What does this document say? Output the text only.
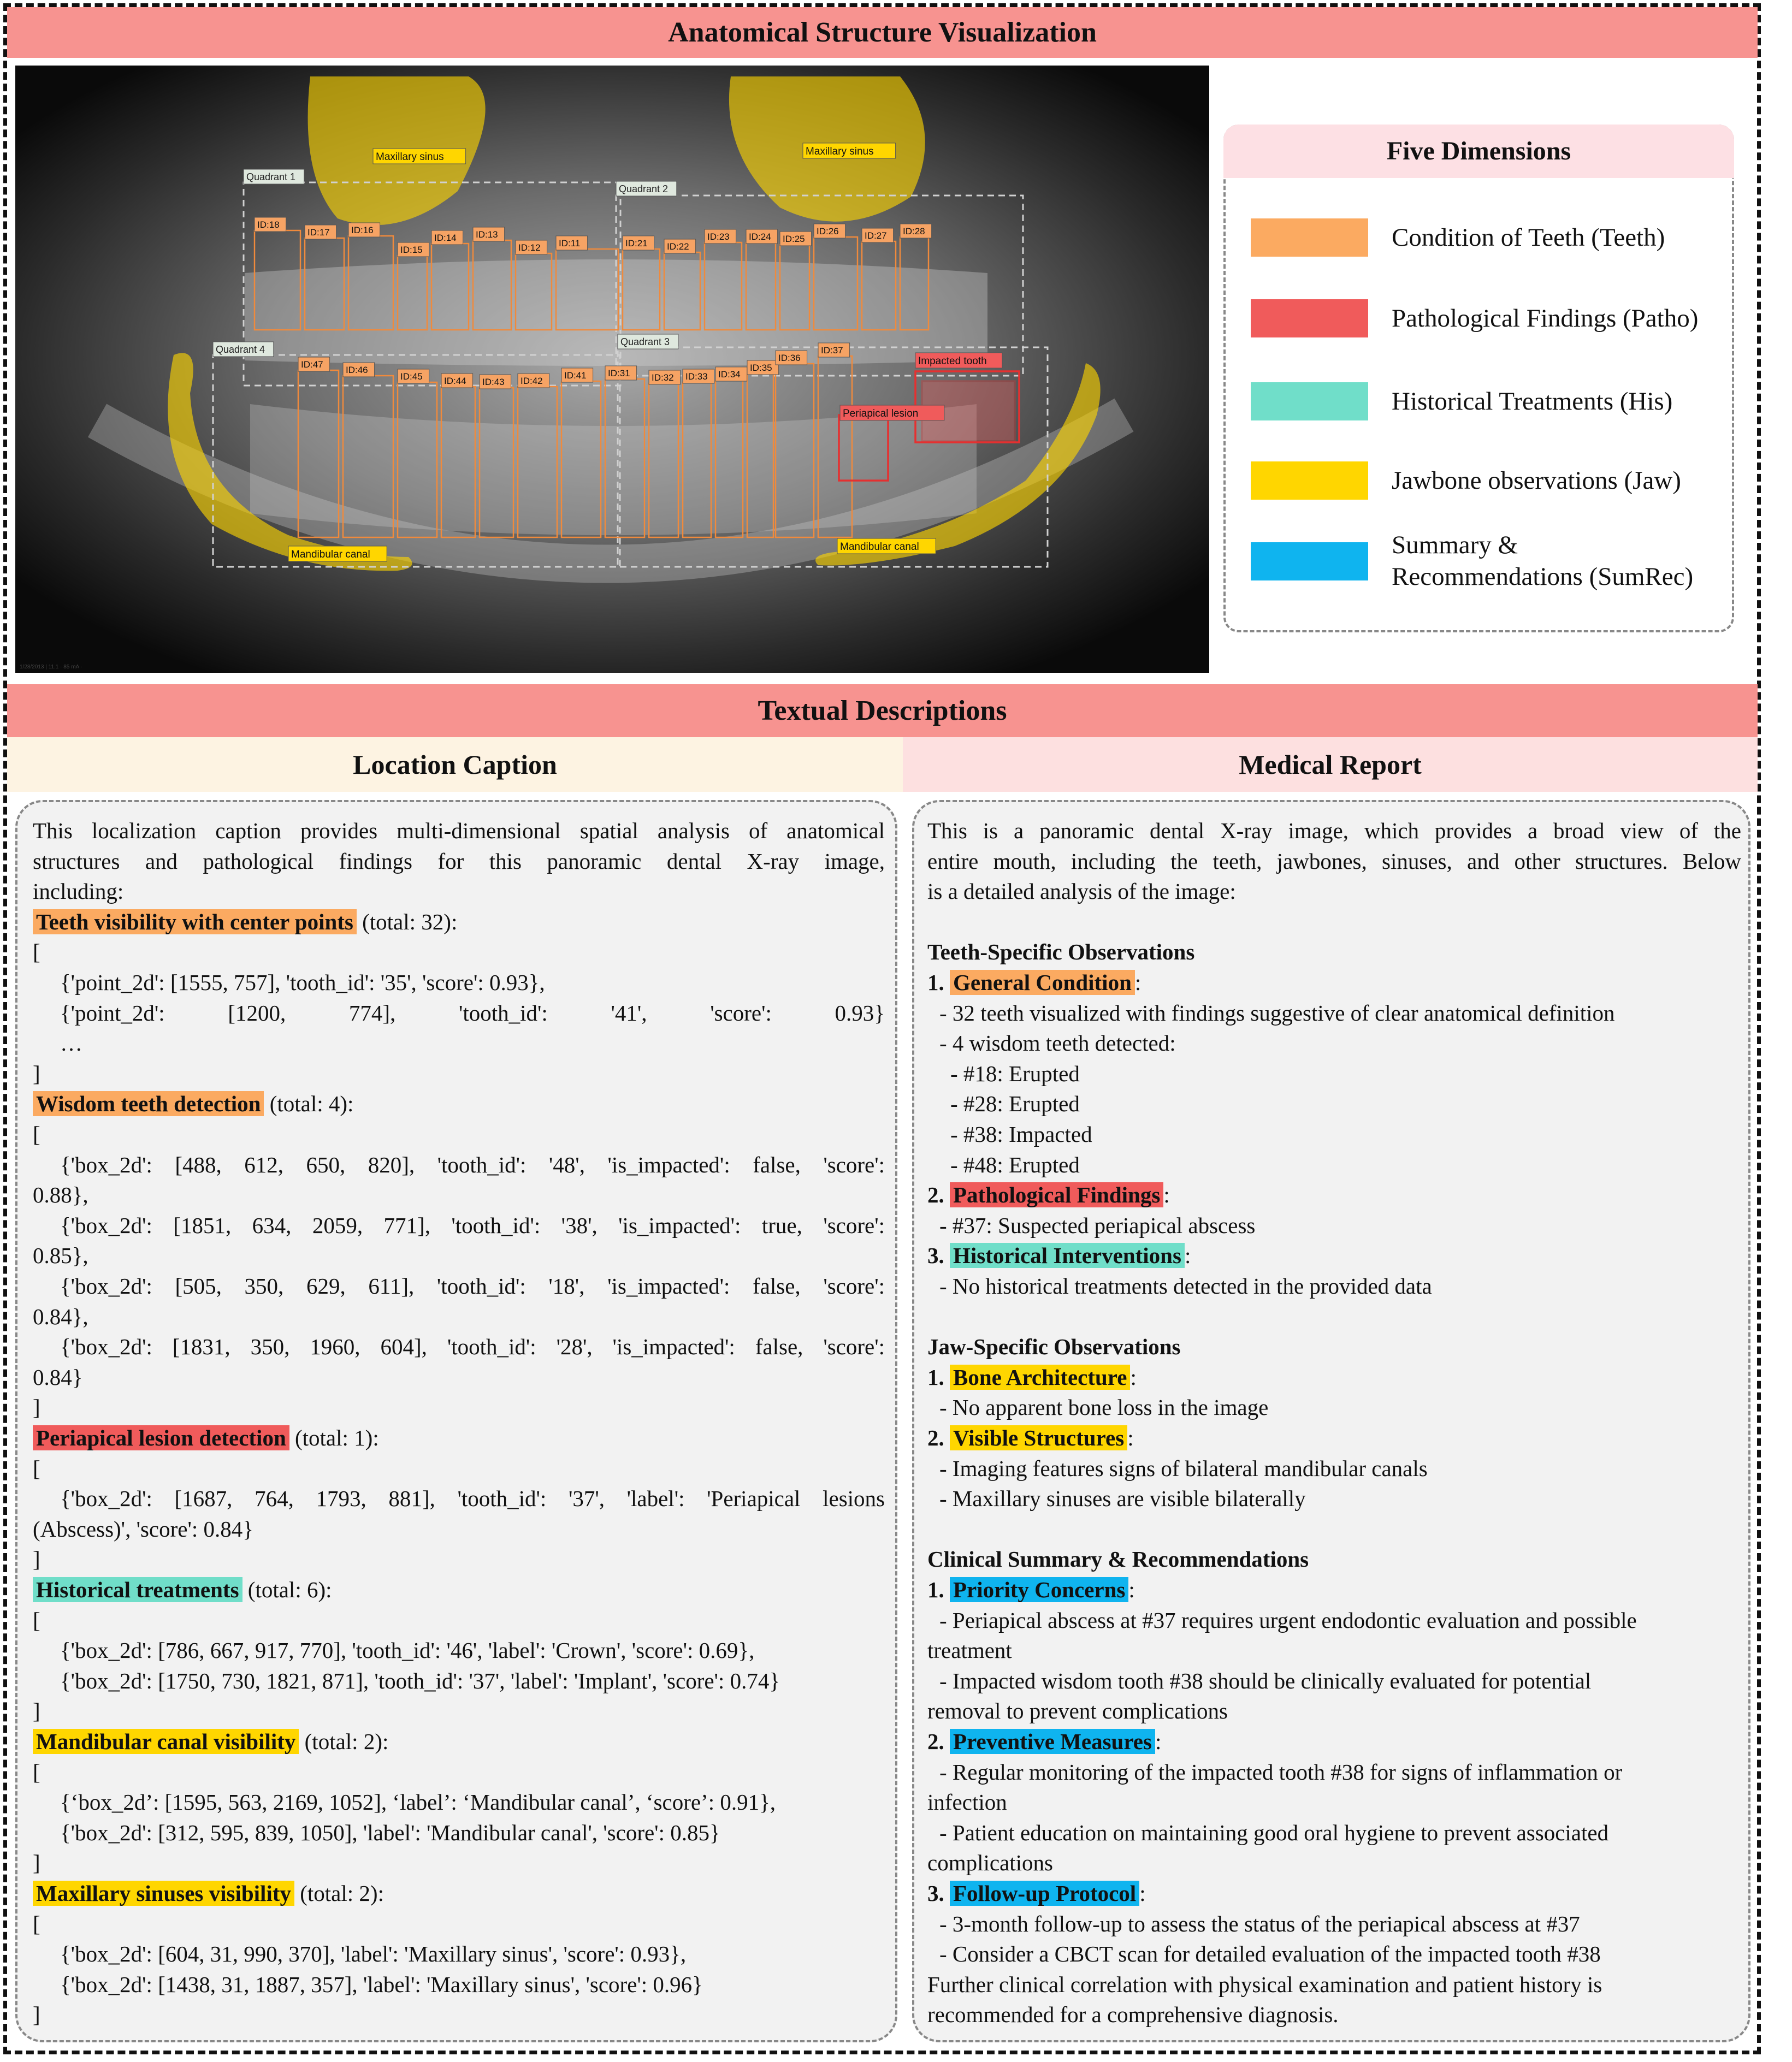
Anatomical Structure Visualization
Quadrant 1
Quadrant 2
Quadrant 3
Quadrant 4
ID:18
ID:17 ID:16
ID:15
ID:14 ID:13
ID:12 ID:11	ID:21 ID:22
ID:23 ID:24 ID:25
ID:26	ID:27 ID:28
ID:47
ID:46
ID:45 ID:44 ID:43 ID:42
ID:41 ID:31 ID:32 ID:33 ID:34
ID:35
ID:36
ID:37
Impacted tooth
Periapical lesion
Maxillary sinus	Maxillary sinus
Mandibular canal
Mandibular canal
1/28/2013 | 11.1 · 85 mA ·
Five Dimensions
Condition of Teeth (Teeth)
Pathological Findings (Patho)
Historical Treatments (His)
Jawbone observations (Jaw)
Summary &
Recommendations (SumRec)
Textual Descriptions
Location Caption	Medical Report
This localization caption provides multi-dimensional spatial analysis of anatomical
structures and pathological findings for this panoramic dental X-ray image,
including:
Teeth visibility with center points (total: 32):
[
{'point_2d': [1555, 757], 'tooth_id': '35', 'score': 0.93},
{'point_2d': [1200, 774], 'tooth_id': '41', 'score': 0.93}
…
]
Wisdom teeth detection (total: 4):
[
{'box_2d': [488, 612, 650, 820], 'tooth_id': '48', 'is_impacted': false, 'score':
0.88},
{'box_2d': [1851, 634, 2059, 771], 'tooth_id': '38', 'is_impacted': true, 'score':
0.85},
{'box_2d': [505, 350, 629, 611], 'tooth_id': '18', 'is_impacted': false, 'score':
0.84},
{'box_2d': [1831, 350, 1960, 604], 'tooth_id': '28', 'is_impacted': false, 'score':
0.84}
]
Periapical lesion detection (total: 1):
[
{'box_2d': [1687, 764, 1793, 881], 'tooth_id': '37', 'label': 'Periapical lesions
(Abscess)', 'score': 0.84}
]
Historical treatments (total: 6):
[
{'box_2d': [786, 667, 917, 770], 'tooth_id': '46', 'label': 'Crown', 'score': 0.69},
{'box_2d': [1750, 730, 1821, 871], 'tooth_id': '37', 'label': 'Implant', 'score': 0.74}
]
Mandibular canal visibility (total: 2):
[
{‘box_2d’: [1595, 563, 2169, 1052], ‘label’: ‘Mandibular canal’, ‘score’: 0.91},
{'box_2d': [312, 595, 839, 1050], 'label': 'Mandibular canal', 'score': 0.85}
]
Maxillary sinuses visibility (total: 2):
[
{'box_2d': [604, 31, 990, 370], 'label': 'Maxillary sinus', 'score': 0.93},
{'box_2d': [1438, 31, 1887, 357], 'label': 'Maxillary sinus', 'score': 0.96}
]
This is a panoramic dental X-ray image, which provides a broad view of the
entire mouth, including the teeth, jawbones, sinuses, and other structures. Below
is a detailed analysis of the image:
Teeth-Specific Observations
1. General Condition :
- 32 teeth visualized with findings suggestive of clear anatomical definition
- 4 wisdom teeth detected:
- #18: Erupted
- #28: Erupted
- #38: Impacted
- #48: Erupted
2. Pathological Findings :
- #37: Suspected periapical abscess
3. Historical Interventions :
- No historical treatments detected in the provided data
Jaw-Specific Observations
1. Bone Architecture :
- No apparent bone loss in the image
2. Visible Structures :
- Imaging features signs of bilateral mandibular canals
- Maxillary sinuses are visible bilaterally
Clinical Summary & Recommendations
1. Priority Concerns :
- Periapical abscess at #37 requires urgent endodontic evaluation and possible
treatment
- Impacted wisdom tooth #38 should be clinically evaluated for potential
removal to prevent complications
2. Preventive Measures :
- Regular monitoring of the impacted tooth #38 for signs of inflammation or
infection
- Patient education on maintaining good oral hygiene to prevent associated
complications
3. Follow-up Protocol :
- 3-month follow-up to assess the status of the periapical abscess at #37
- Consider a CBCT scan for detailed evaluation of the impacted tooth #38
Further clinical correlation with physical examination and patient history is
recommended for a comprehensive diagnosis.
